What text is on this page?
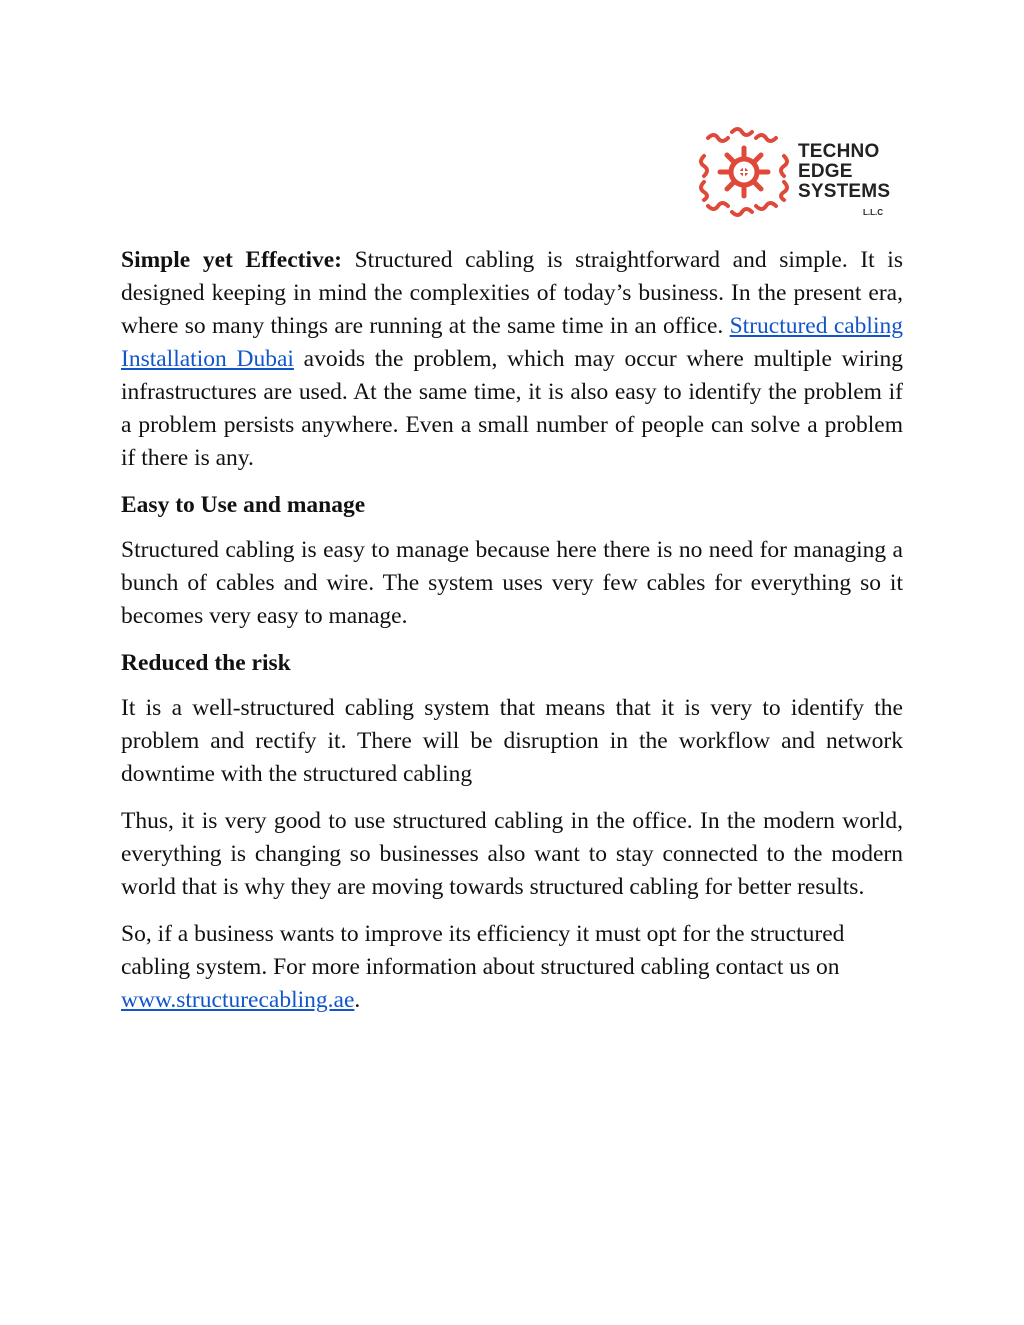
TECHNO
EDGE
SYSTEMS
L.L.C

Simple yet Effective: Structured cabling is straightforward and simple. It is designed keeping in mind the complexities of today’s business. In the present era, where so many things are running at the same time in an office. Structured cabling Installation Dubai avoids the problem, which may occur where multiple wiring infrastructures are used. At the same time, it is also easy to identify the problem if a problem persists anywhere. Even a small number of people can solve a problem if there is any.

Easy to Use and manage

Structured cabling is easy to manage because here there is no need for managing a bunch of cables and wire. The system uses very few cables for everything so it becomes very easy to manage.

Reduced the risk

It is a well-structured cabling system that means that it is very to identify the problem and rectify it. There will be disruption in the workflow and network downtime with the structured cabling

Thus, it is very good to use structured cabling in the office. In the modern world, everything is changing so businesses also want to stay connected to the modern world that is why they are moving towards structured cabling for better results.

So, if a business wants to improve its efficiency it must opt for the structured cabling system. For more information about structured cabling contact us on www.structurecabling.ae.
